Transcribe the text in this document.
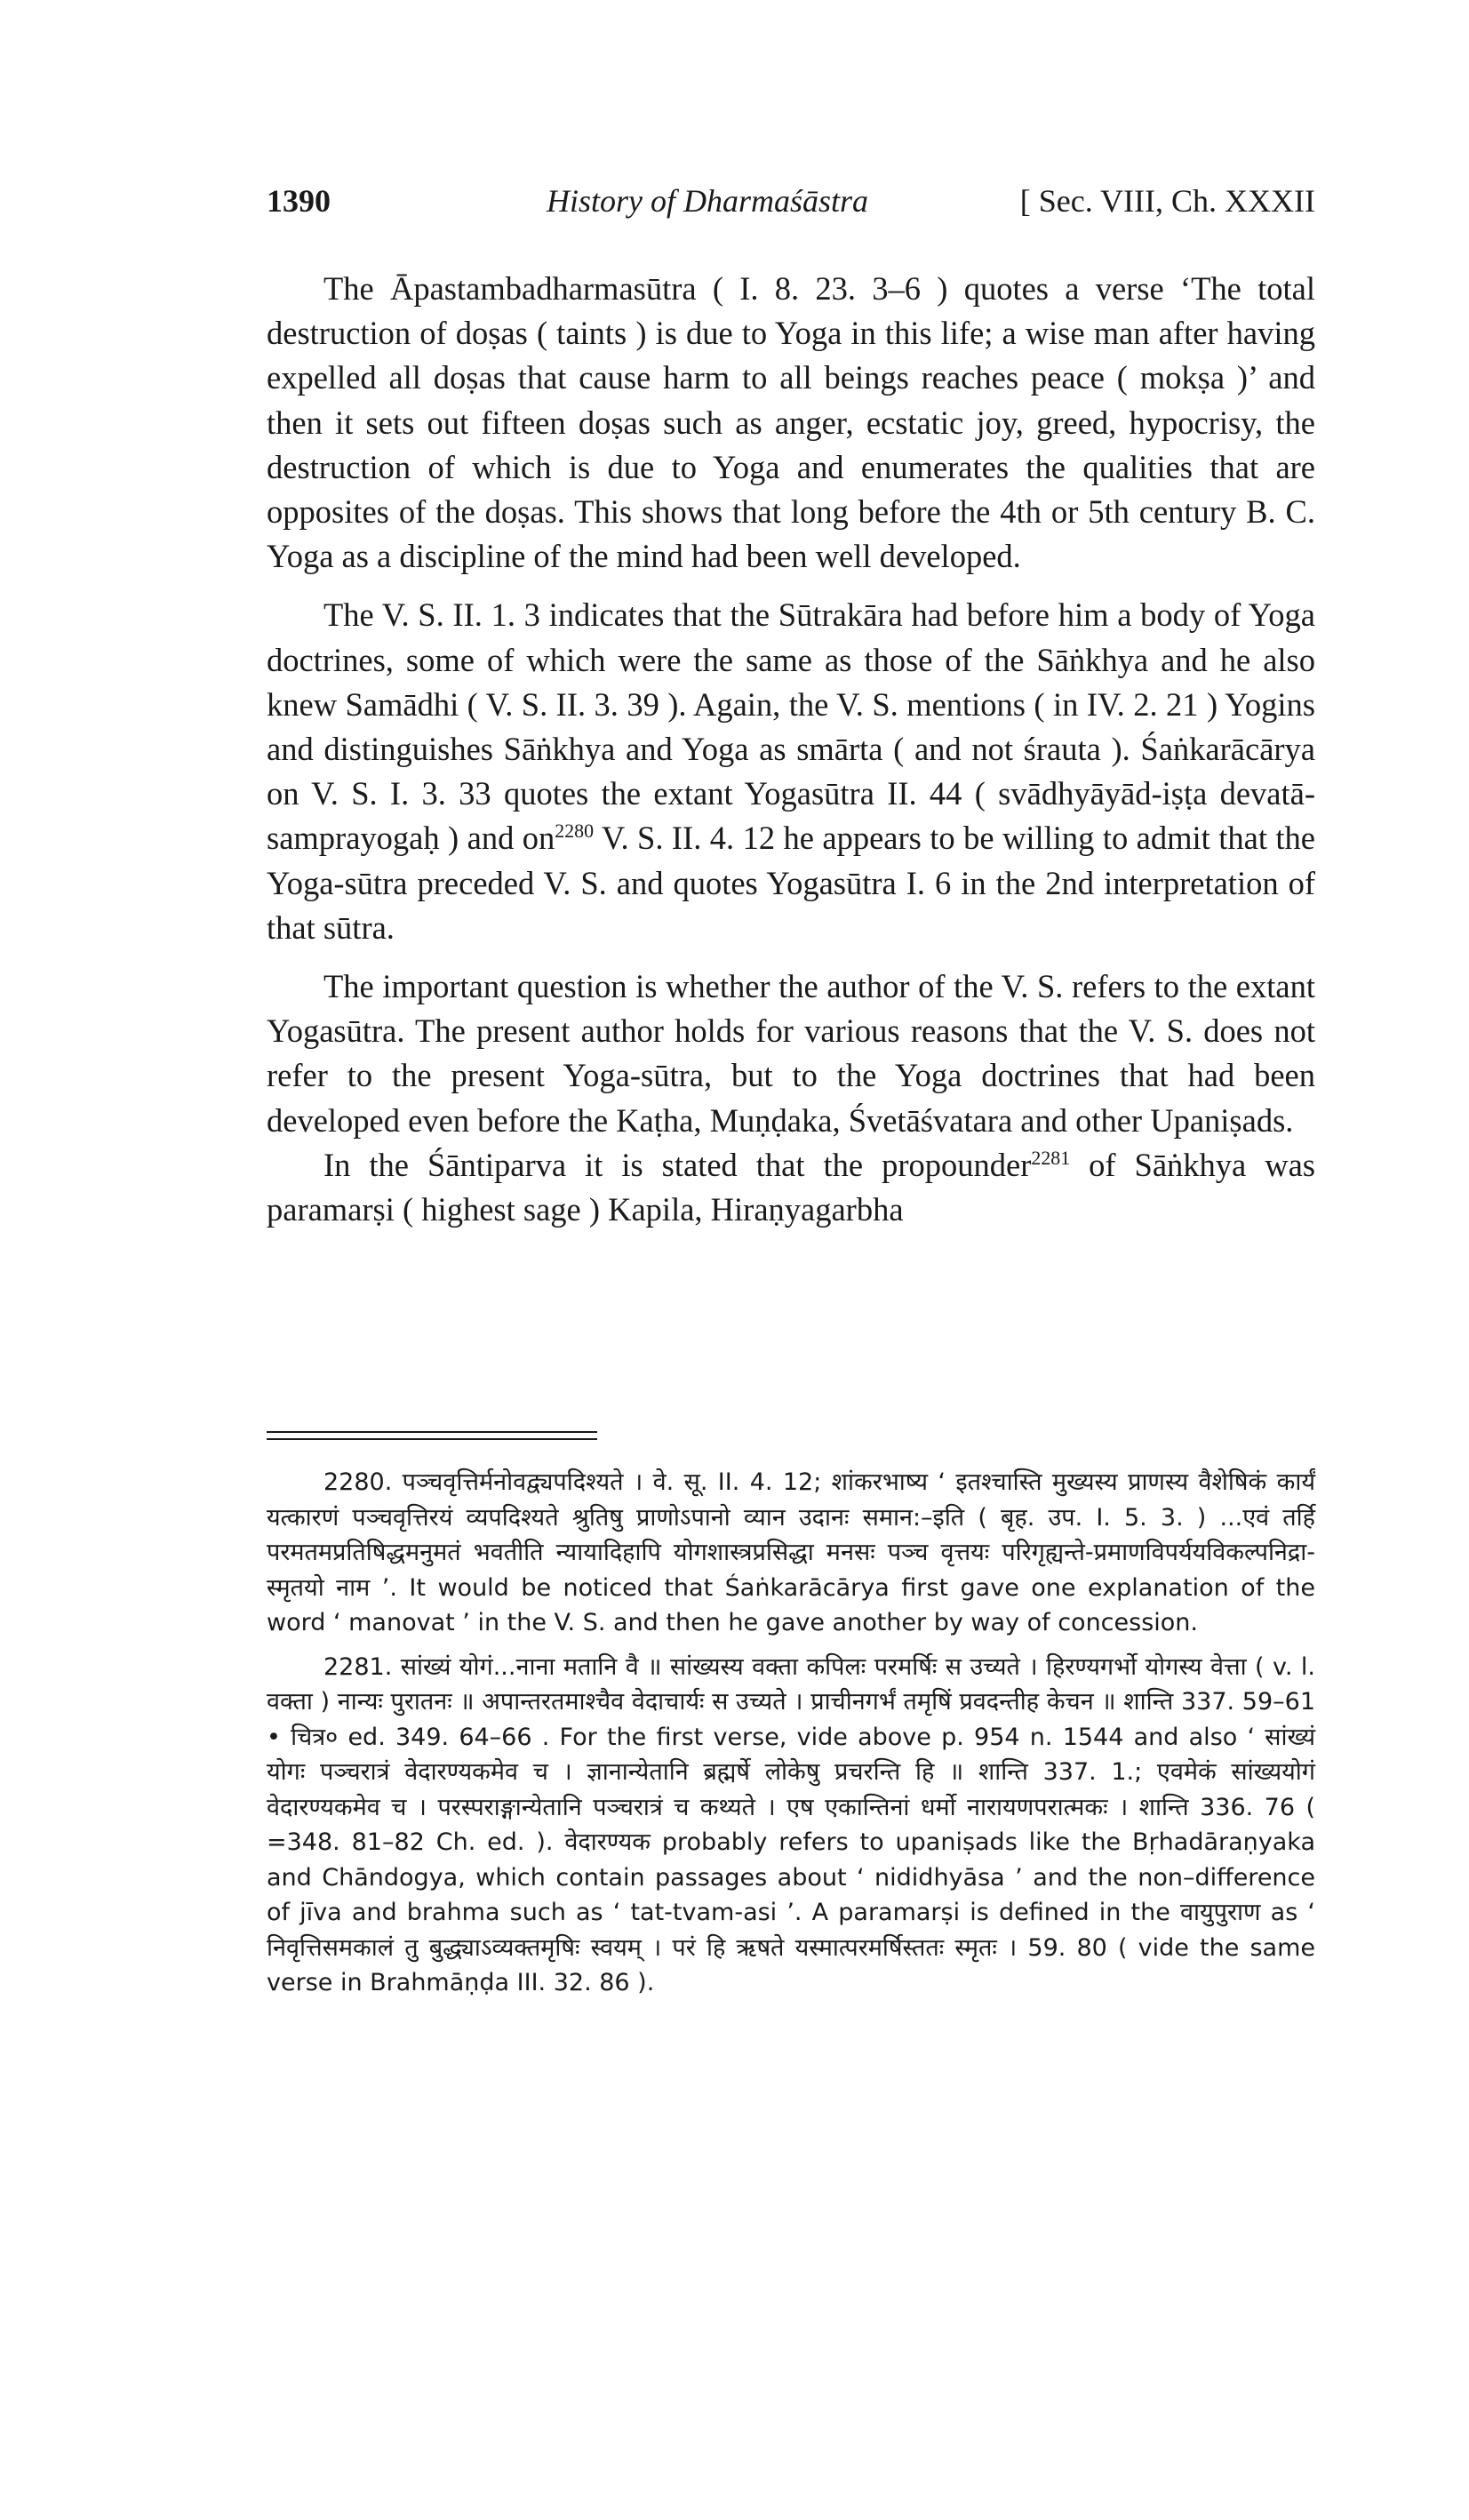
1390	History of Dharmaśāstra	[ Sec. VIII, Ch. XXXII

The Āpastambadharmasūtra ( I. 8. 23. 3–6 ) quotes a verse ‘The total destruction of doṣas ( taints ) is due to Yoga in this life; a wise man after having expelled all doṣas that cause harm to all beings reaches peace ( mokṣa )’ and then it sets out fifteen doṣas such as anger, ecstatic joy, greed, hypocrisy, the destruction of which is due to Yoga and enumerates the qualities that are opposites of the doṣas. This shows that long before the 4th or 5th century B. C. Yoga as a discipline of the mind had been well developed.

The V. S. II. 1. 3 indicates that the Sūtrakāra had before him a body of Yoga doctrines, some of which were the same as those of the Sāṅkhya and he also knew Samādhi ( V. S. II. 3. 39 ). Again, the V. S. mentions ( in IV. 2. 21 ) Yogins and distinguishes Sāṅkhya and Yoga as smārta ( and not śrauta ). Śaṅkarācārya on V. S. I. 3. 33 quotes the extant Yogasūtra II. 44 ( svādhyāyād-iṣṭa devatā-samprayogaḥ ) and $on^{2280}$ V. S. II. 4. 12 he appears to be willing to admit that the Yoga-sūtra preceded V. S. and quotes Yogasūtra I. 6 in the 2nd interpretation of that sūtra.

The important question is whether the author of the V. S. refers to the extant Yogasūtra. The present author holds for various reasons that the V. S. does not refer to the present Yoga-sūtra, but to the Yoga doctrines that had been developed even before the Kaṭha, Muṇḍaka, Śvetāśvatara and other Upaniṣads.

In the Śāntiparva it is stated that the propounder$^{2281}$ of Sāṅkhya was paramarṣi ( highest sage ) Kapila, Hiraṇyagarbha

2280. पञ्चवृत्तिर्मनोवद्व्यपदिश्यते । वे. सू. II. 4. 12; शांकरभाष्य ‘ इतश्चास्ति मुख्यस्य प्राणस्य वैशेषिकं कार्यं यत्कारणं पञ्चवृत्तिरयं व्यपदिश्यते श्रुतिषु प्राणोऽपानो व्यान उदानः समान:–इति ( बृह. उप. I. 5. 3. ) ...एवं तर्हि परमतमप्रतिषिद्धमनुमतं भवतीति न्यायादिहापि योगशास्त्रप्रसिद्धा मनसः पञ्च वृत्तयः परिगृह्यन्ते-प्रमाणविपर्ययविकल्पनिद्रा-स्मृतयो नाम ’. It would be noticed that Śaṅkarācārya first gave one explanation of the word ‘ manovat ’ in the V. S. and then he gave another by way of concession.

2281. सांख्यं योगं...नाना मतानि वै ॥ सांख्यस्य वक्ता कपिलः परमर्षिः स उच्यते । हिरण्यगर्भो योगस्य वेत्ता ( v. l. वक्ता ) नान्यः पुरातनः ॥ अपान्तरतमाश्चैव वेदाचार्यः स उच्यते । प्राचीनगर्भं तमृषिं प्रवदन्तीह केचन ॥ शान्ति 337. 59–61 • चित्र० ed. 349. 64–66 . For the first verse, vide above p. 954 n. 1544 and also ‘ सांख्यं योगः पञ्चरात्रं वेदारण्यकमेव च । ज्ञानान्येतानि ब्रह्मर्षे लोकेषु प्रचरन्ति हि ॥ शान्ति 337. 1.; एवमेकं सांख्ययोगं वेदारण्यकमेव च । परस्पराङ्गान्येतानि पञ्चरात्रं च कथ्यते । एष एकान्तिनां धर्मो नारायणपरात्मकः । शान्ति 336. 76 ( =348. 81–82 Ch. ed. ). वेदारण्यक probably refers to upaniṣads like the Bṛhadāraṇyaka and Chāndogya, which contain passages about ‘ nididhyāsa ’ and the non–difference of jīva and brahma such as ‘ tat-tvam-asi ’. A paramarṣi is defined in the वायुपुराण as ‘ निवृत्तिसमकालं तु बुद्ध्याऽव्यक्तमृषिः स्वयम् । परं हि ऋषते यस्मात्परमर्षिस्ततः स्मृतः । 59. 80 ( vide the same verse in Brahmāṇḍa III. 32. 86 ).
